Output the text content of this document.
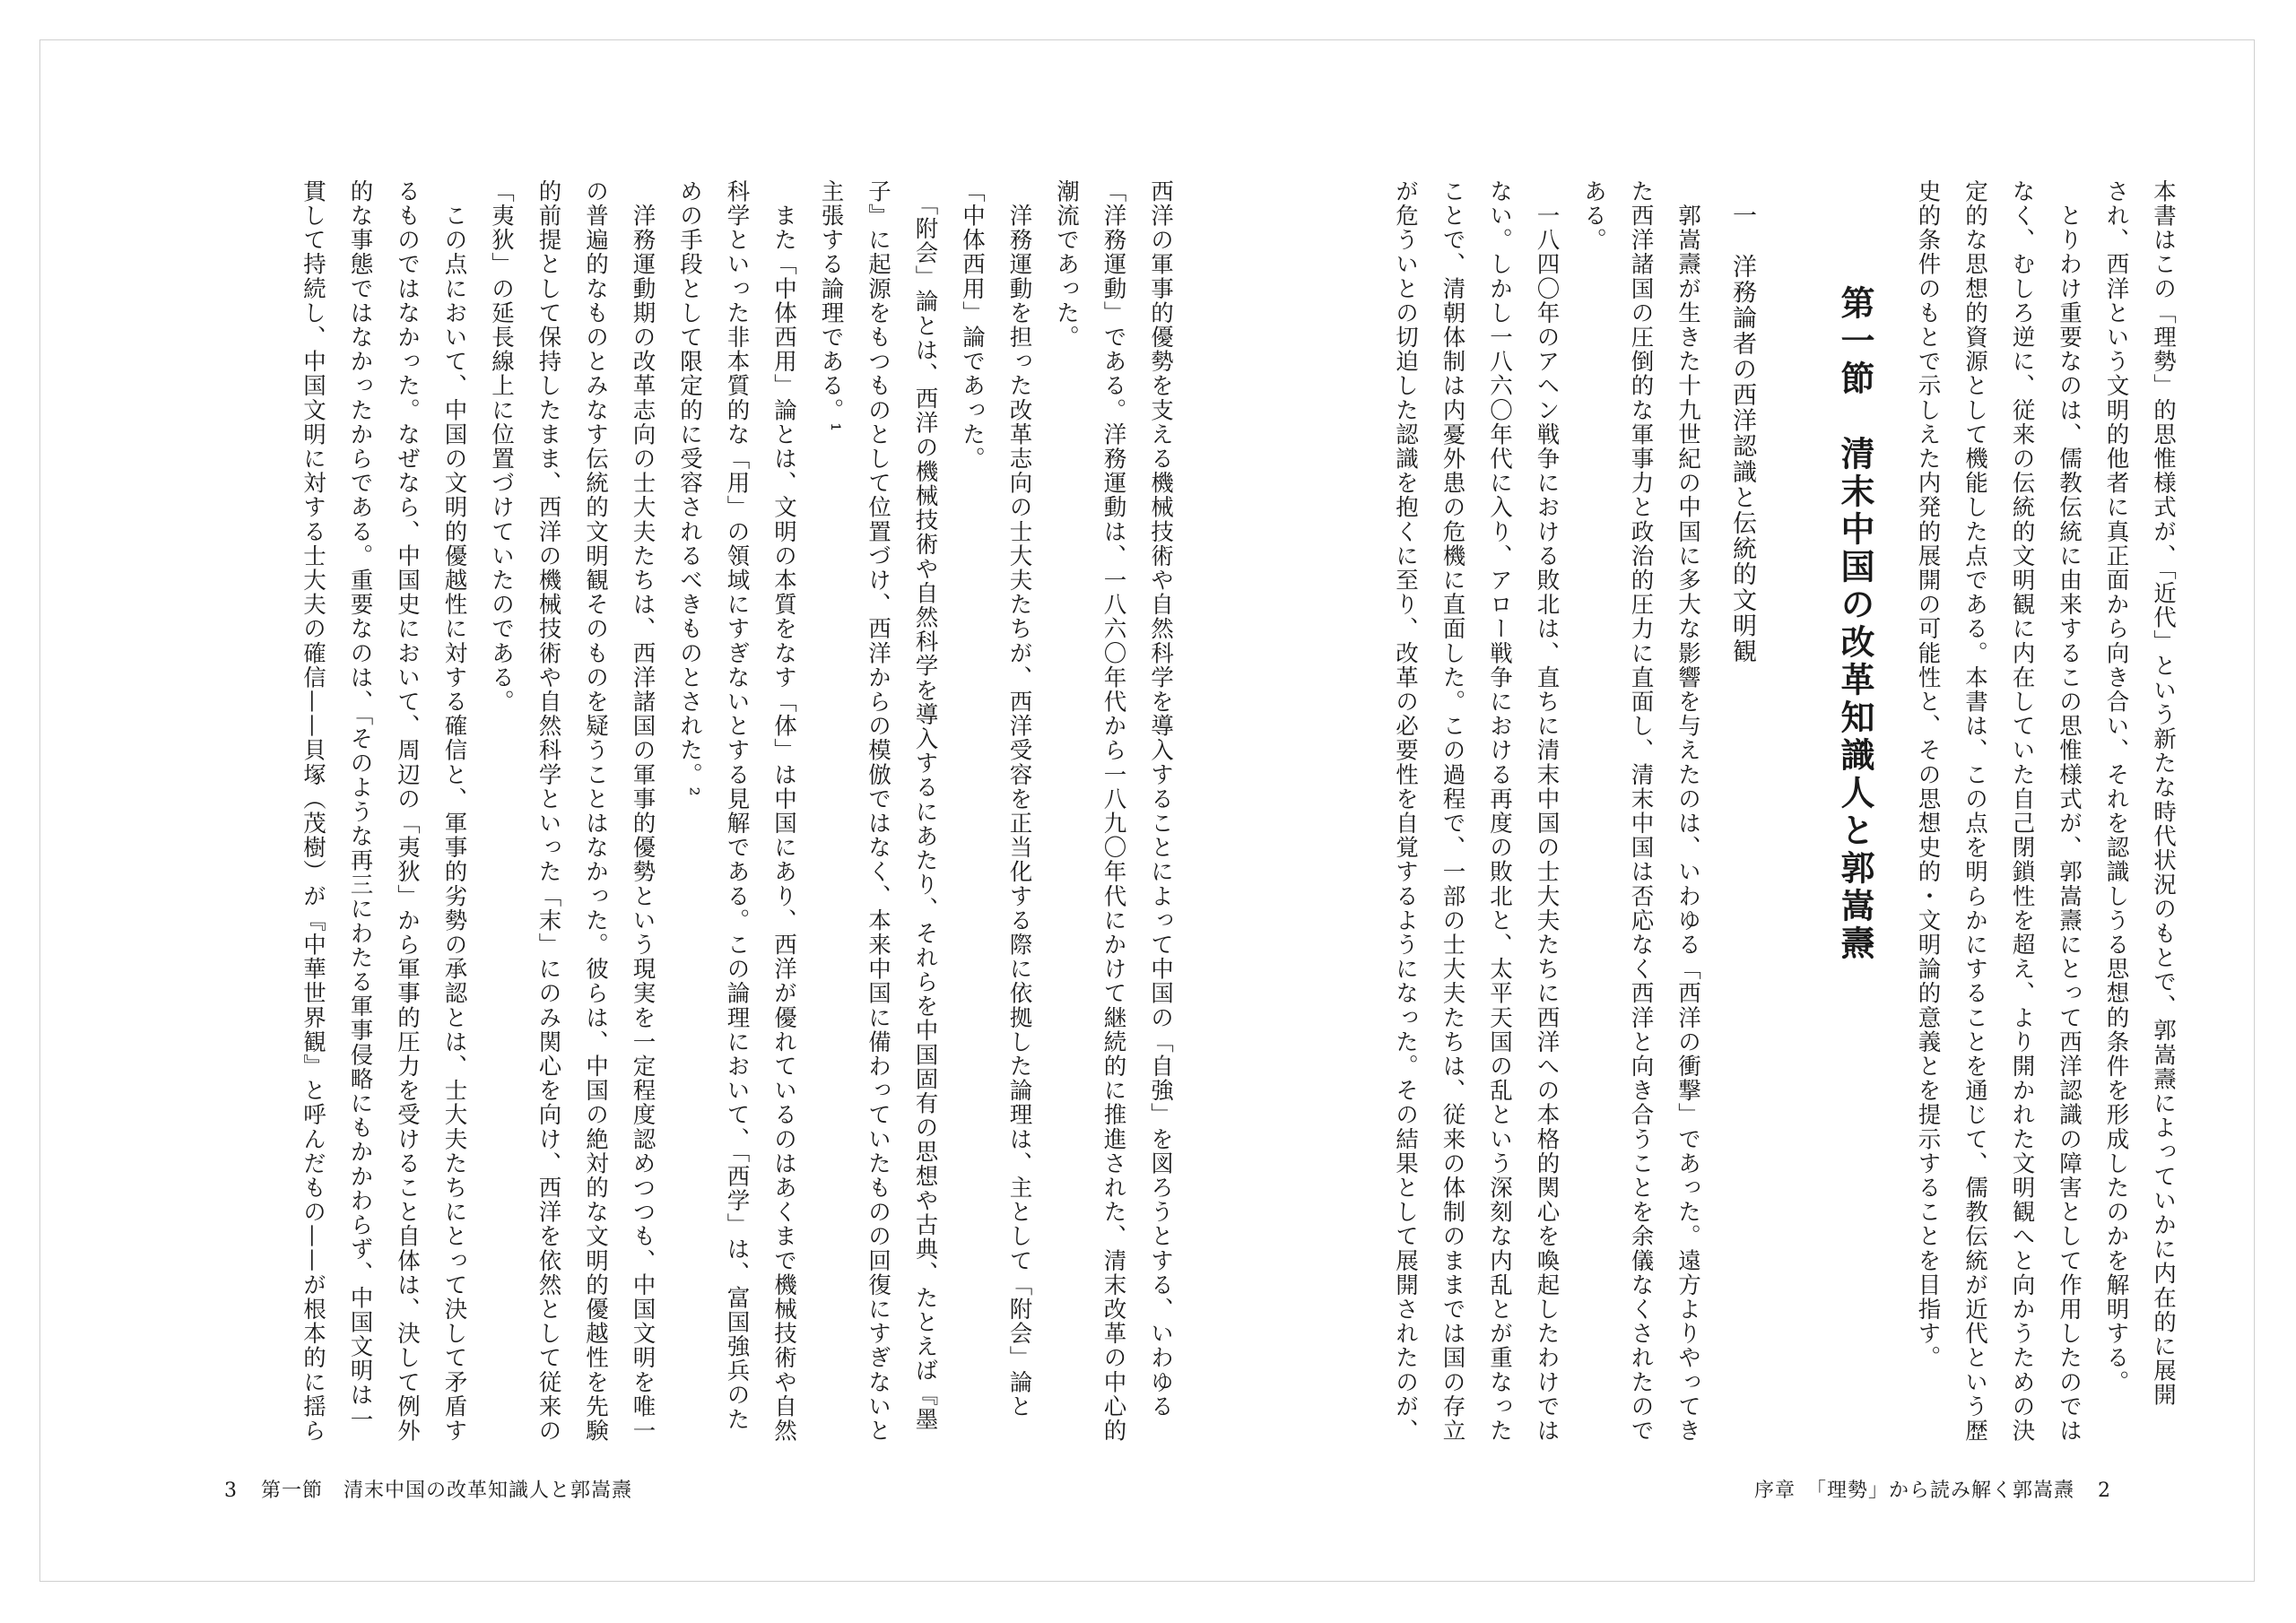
本書はこの「理勢」的思惟様式が、「近代」という新たな時代状況のもとで、郭嵩燾によっていかに内在的に展開
され、西洋という文明的他者に真正面から向き合い、それを認識しうる思想的条件を形成したのかを解明する。
　とりわけ重要なのは、儒教伝統に由来するこの思惟様式が、郭嵩燾にとって西洋認識の障害として作用したのでは
なく、むしろ逆に、従来の伝統的文明観に内在していた自己閉鎖性を超え、より開かれた文明観へと向かうための決
定的な思想的資源として機能した点である。本書は、この点を明らかにすることを通じて、儒教伝統が近代という歴
史的条件のもとで示しえた内発的展開の可能性と、その思想史的・文明論的意義とを提示することを目指す。
第一節　清末中国の改革知識人と郭嵩燾
一　洋務論者の西洋認識と伝統的文明観
　郭嵩燾が生きた十九世紀の中国に多大な影響を与えたのは、いわゆる「西洋の衝撃」であった。遠方よりやってき
た西洋諸国の圧倒的な軍事力と政治的圧力に直面し、清末中国は否応なく西洋と向き合うことを余儀なくされたので
ある。
　一八四〇年のアヘン戦争における敗北は、直ちに清末中国の士大夫たちに西洋への本格的関心を喚起したわけでは
ない。しかし一八六〇年代に入り、アロー戦争における再度の敗北と、太平天国の乱という深刻な内乱とが重なった
ことで、清朝体制は内憂外患の危機に直面した。この過程で、一部の士大夫たちは、従来の体制のままでは国の存立
が危ういとの切迫した認識を抱くに至り、改革の必要性を自覚するようになった。その結果として展開されたのが、
西洋の軍事的優勢を支える機械技術や自然科学を導入することによって中国の「自強」を図ろうとする、いわゆる
「洋務運動」である。洋務運動は、一八六〇年代から一八九〇年代にかけて継続的に推進された、清末改革の中心的
潮流であった。
　洋務運動を担った改革志向の士大夫たちが、西洋受容を正当化する際に依拠した論理は、主として「附会」論と
「中体西用」論であった。
　「附会」論とは、西洋の機械技術や自然科学を導入するにあたり、それらを中国固有の思想や古典、たとえば『墨
子』に起源をもつものとして位置づけ、西洋からの模倣ではなく、本来中国に備わっていたものの回復にすぎないと
主張する論理である。¹
　また「中体西用」論とは、文明の本質をなす「体」は中国にあり、西洋が優れているのはあくまで機械技術や自然
科学といった非本質的な「用」の領域にすぎないとする見解である。この論理において、「西学」は、富国強兵のた
めの手段として限定的に受容されるべきものとされた。²
　洋務運動期の改革志向の士大夫たちは、西洋諸国の軍事的優勢という現実を一定程度認めつつも、中国文明を唯一
の普遍的なものとみなす伝統的文明観そのものを疑うことはなかった。彼らは、中国の絶対的な文明的優越性を先験
的前提として保持したまま、西洋の機械技術や自然科学といった「末」にのみ関心を向け、西洋を依然として従来の
「夷狄」の延長線上に位置づけていたのである。
　この点において、中国の文明的優越性に対する確信と、軍事的劣勢の承認とは、士大夫たちにとって決して矛盾す
るものではなかった。なぜなら、中国史において、周辺の「夷狄」から軍事的圧力を受けること自体は、決して例外
的な事態ではなかったからである。重要なのは、「そのような再三にわたる軍事侵略にもかかわらず、中国文明は一
貫して持続し、中国文明に対する士大夫の確信——貝塚（茂樹）が『中華世界観』と呼んだもの——が根本的に揺ら
3 第一節　清末中国の改革知識人と郭嵩燾	序章　「理勢」から読み解く郭嵩燾 2
